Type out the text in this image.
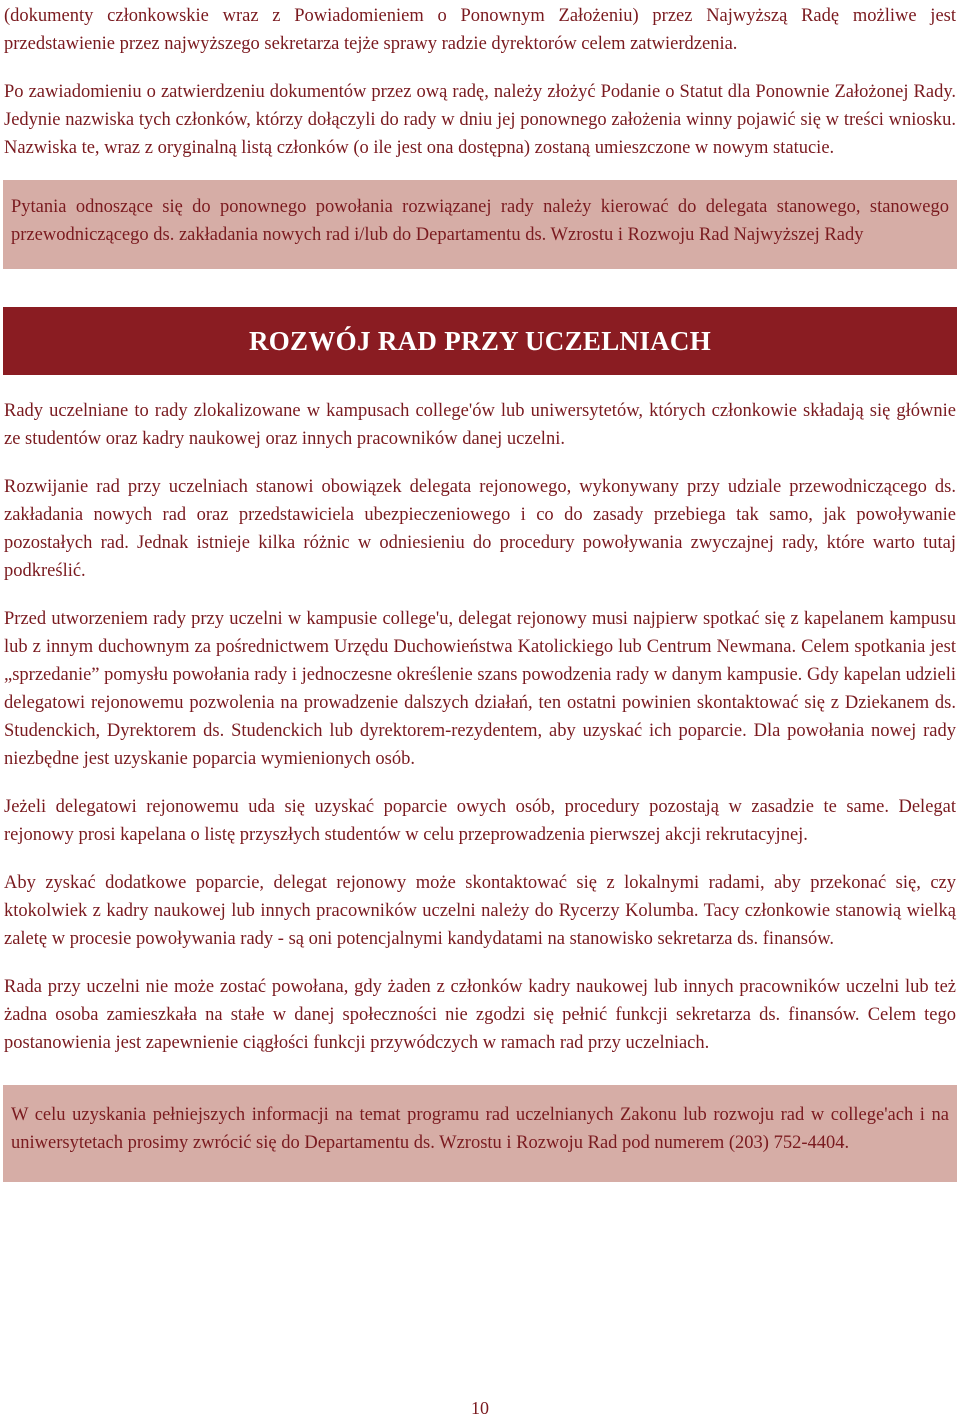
(dokumenty członkowskie wraz z Powiadomieniem o Ponownym Założeniu) przez Najwyższą Radę możliwe jest przedstawienie przez najwyższego sekretarza tejże sprawy radzie dyrektorów celem zatwierdzenia.

Po zawiadomieniu o zatwierdzeniu dokumentów przez ową radę, należy złożyć Podanie o Statut dla Ponownie Założonej Rady. Jedynie nazwiska tych członków, którzy dołączyli do rady w dniu jej ponownego założenia winny pojawić się w treści wniosku. Nazwiska te, wraz z oryginalną listą członków (o ile jest ona dostępna) zostaną umieszczone w nowym statucie.

Pytania odnoszące się do ponownego powołania rozwiązanej rady należy kierować do delegata stanowego, stanowego przewodniczącego ds. zakładania nowych rad i/lub do Departamentu ds. Wzrostu i Rozwoju Rad Najwyższej Rady

ROZWÓJ RAD PRZY UCZELNIACH

Rady uczelniane to rady zlokalizowane w kampusach college'ów lub uniwersytetów, których członkowie składają się głównie ze studentów oraz kadry naukowej oraz innych pracowników danej uczelni.

Rozwijanie rad przy uczelniach stanowi obowiązek delegata rejonowego, wykonywany przy udziale przewodniczącego ds. zakładania nowych rad oraz przedstawiciela ubezpieczeniowego i co do zasady przebiega tak samo, jak powoływanie pozostałych rad. Jednak istnieje kilka różnic w odniesieniu do procedury powoływania zwyczajnej rady, które warto tutaj podkreślić.

Przed utworzeniem rady przy uczelni w kampusie college'u, delegat rejonowy musi najpierw spotkać się z kapelanem kampusu lub z innym duchownym za pośrednictwem Urzędu Duchowieństwa Katolickiego lub Centrum Newmana. Celem spotkania jest „sprzedanie” pomysłu powołania rady i jednoczesne określenie szans powodzenia rady w danym kampusie. Gdy kapelan udzieli delegatowi rejonowemu pozwolenia na prowadzenie dalszych działań, ten ostatni powinien skontaktować się z Dziekanem ds. Studenckich, Dyrektorem ds. Studenckich lub dyrektorem-rezydentem, aby uzyskać ich poparcie. Dla powołania nowej rady niezbędne jest uzyskanie poparcia wymienionych osób.

Jeżeli delegatowi rejonowemu uda się uzyskać poparcie owych osób, procedury pozostają w zasadzie te same. Delegat rejonowy prosi kapelana o listę przyszłych studentów w celu przeprowadzenia pierwszej akcji rekrutacyjnej.

Aby zyskać dodatkowe poparcie, delegat rejonowy może skontaktować się z lokalnymi radami, aby przekonać się, czy ktokolwiek z kadry naukowej lub innych pracowników uczelni należy do Rycerzy Kolumba. Tacy członkowie stanowią wielką zaletę w procesie powoływania rady - są oni potencjalnymi kandydatami na stanowisko sekretarza ds. finansów.

Rada przy uczelni nie może zostać powołana, gdy żaden z członków kadry naukowej lub innych pracowników uczelni lub też żadna osoba zamieszkała na stałe w danej społeczności nie zgodzi się pełnić funkcji sekretarza ds. finansów. Celem tego postanowienia jest zapewnienie ciągłości funkcji przywódczych w ramach rad przy uczelniach.

W celu uzyskania pełniejszych informacji na temat programu rad uczelnianych Zakonu lub rozwoju rad w college'ach i na uniwersytetach prosimy zwrócić się do Departamentu ds. Wzrostu i Rozwoju Rad pod numerem (203) 752-4404.

10
